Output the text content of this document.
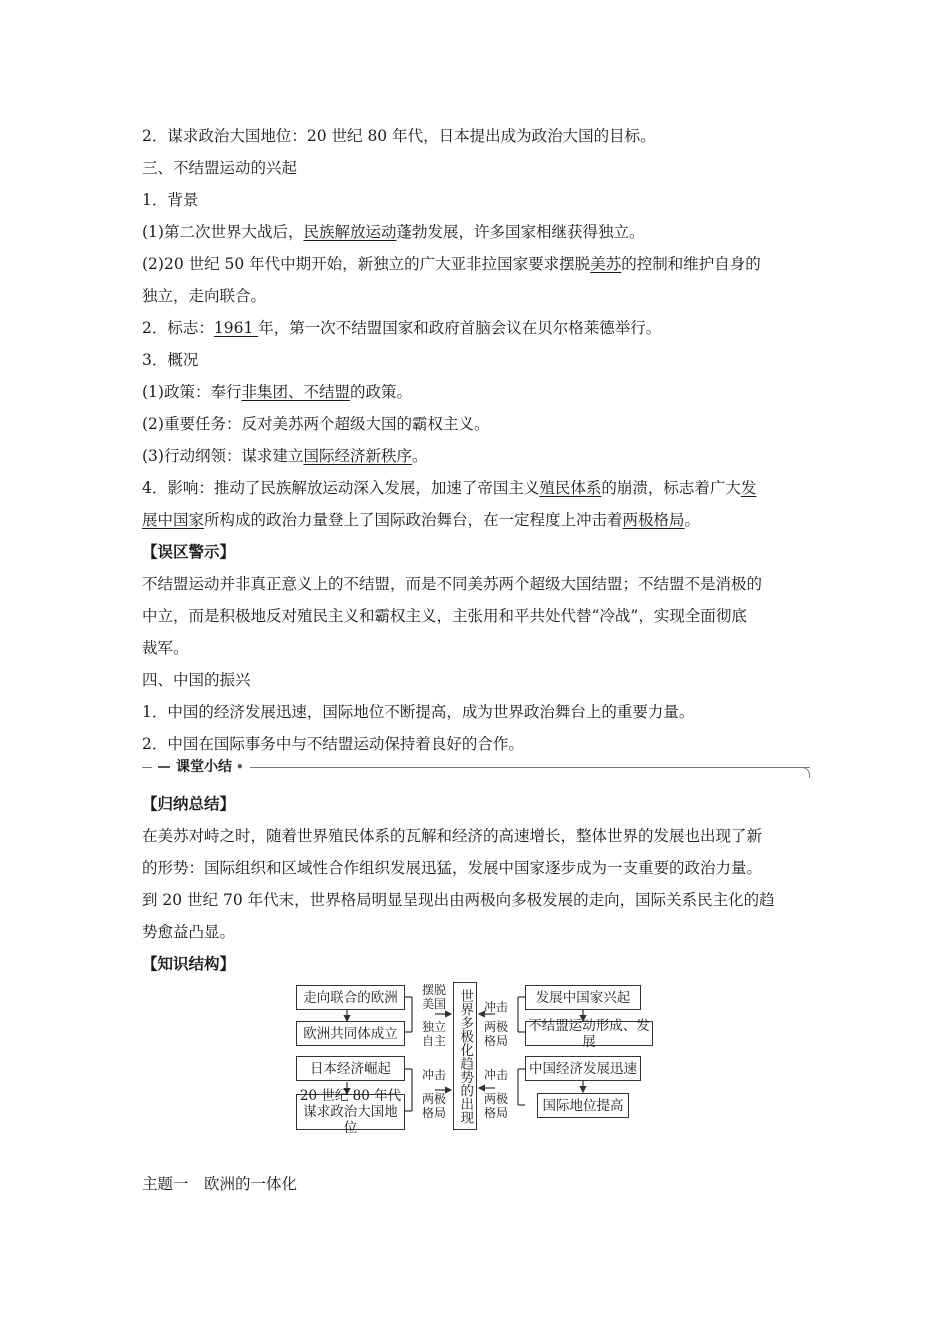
2．谋求政治大国地位：20 世纪 80 年代，日本提出成为政治大国的目标。
三、不结盟运动的兴起
1．背景
(1)第二次世界大战后，民族解放运动蓬勃发展，许多国家相继获得独立。
(2)20 世纪 50 年代中期开始，新独立的广大亚非拉国家要求摆脱美苏的控制和维护自身的
独立，走向联合。
2．标志：1961 年，第一次不结盟国家和政府首脑会议在贝尔格莱德举行。
3．概况
(1)政策：奉行非集团、不结盟的政策。
(2)重要任务：反对美苏两个超级大国的霸权主义。
(3)行动纲领：谋求建立国际经济新秩序。
4．影响：推动了民族解放运动深入发展，加速了帝国主义殖民体系的崩溃，标志着广大发
展中国家所构成的政治力量登上了国际政治舞台，在一定程度上冲击着两极格局。
【误区警示】
不结盟运动并非真正意义上的不结盟，而是不同美苏两个超级大国结盟；不结盟不是消极的
中立，而是积极地反对殖民主义和霸权主义，主张用和平共处代替“冷战”，实现全面彻底
裁军。
四、中国的振兴
1．中国的经济发展迅速，国际地位不断提高，成为世界政治舞台上的重要力量。
2．中国在国际事务中与不结盟运动保持着良好的合作。
课堂小结 •
【归纳总结】
在美苏对峙之时，随着世界殖民体系的瓦解和经济的高速增长，整体世界的发展也出现了新
的形势：国际组织和区域性合作组织发展迅猛，发展中国家逐步成为一支重要的政治力量。
到 20 世纪 70 年代末，世界格局明显呈现出由两极向多极发展的走向，国际关系民主化的趋
势愈益凸显。
【知识结构】
走向联合的欧洲
欧洲共同体成立
日本经济崛起
20 世纪 80 年代谋求政治大国地位
摆脱美国
独立自主
冲击
两极格局 世界多极化趋势的出现 冲击
两极格局
冲击
两极格局
发展中国家兴起
不结盟运动形成、发展
中国经济发展迅速
国际地位提高
主题一　欧洲的一体化
